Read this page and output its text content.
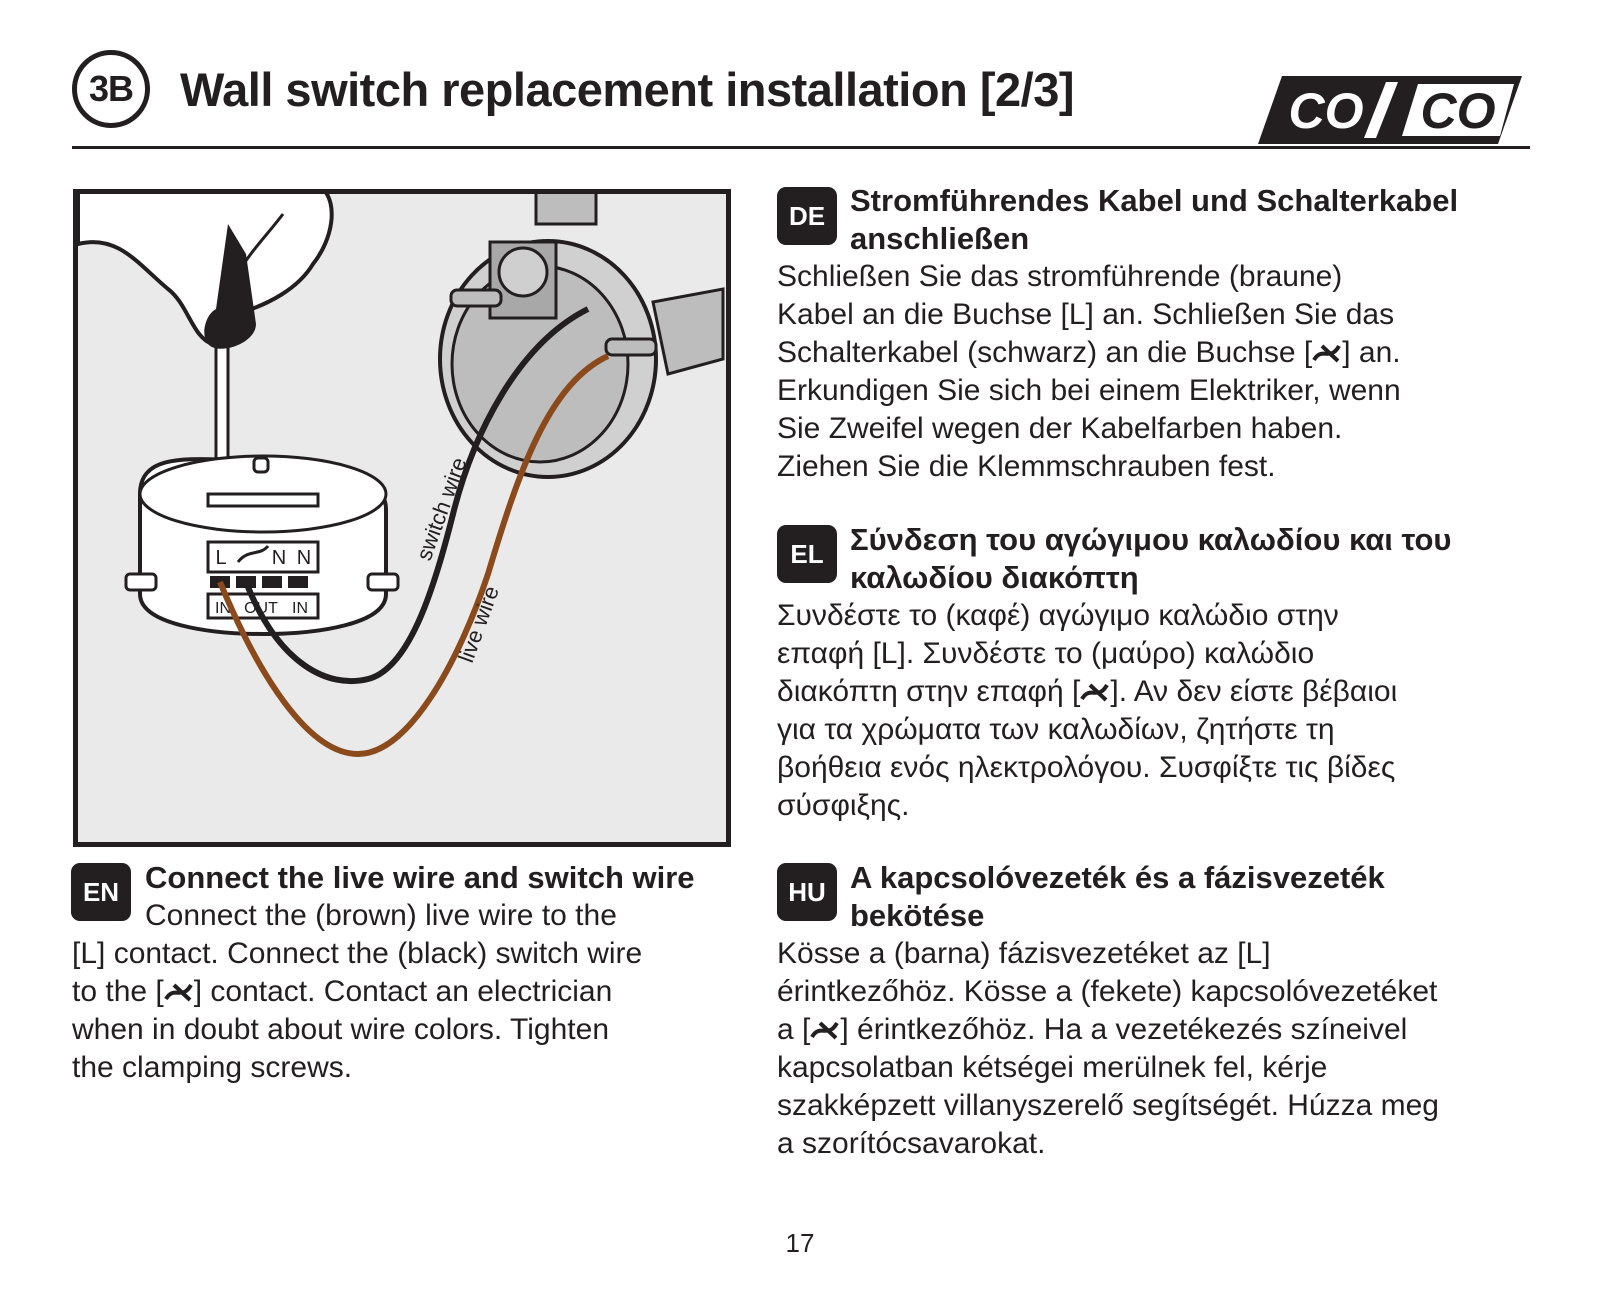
3B Wall switch replacement installation [2/3]	CO CO
L N N
IN OUT IN
switch wire
live wire
EN Connect the live wire and switch wire
Connect the (brown) live wire to the
[L] contact. Connect the (black) switch wire
to the [ ] contact. Contact an electrician
when in doubt about wire colors. Tighten
the clamping screws.
DE Stromführendes Kabel und Schalterkabel
anschließen
Schließen Sie das stromführende (braune)
Kabel an die Buchse [L] an. Schließen Sie das
Schalterkabel (schwarz) an die Buchse [ ] an.
Erkundigen Sie sich bei einem Elektriker, wenn
Sie Zweifel wegen der Kabelfarben haben.
Ziehen Sie die Klemmschrauben fest.
EL Σύνδεση του αγώγιμου καλωδίου και του
καλωδίου διακόπτη
Συνδέστε το (καφέ) αγώγιμο καλώδιο στην
επαφή [L]. Συνδέστε το (μαύρο) καλώδιο
διακόπτη στην επαφή [ ]. Αν δεν είστε βέβαιοι
για τα χρώματα των καλωδίων, ζητήστε τη
βοήθεια ενός ηλεκτρολόγου. Συσφίξτε τις βίδες
σύσφιξης.
HU A kapcsolóvezeték és a fázisvezeték
bekötése
Kösse a (barna) fázisvezetéket az [L]
érintkezőhöz. Kösse a (fekete) kapcsolóvezetéket
a [ ] érintkezőhöz. Ha a vezetékezés színeivel
kapcsolatban kétségei merülnek fel, kérje
szakképzett villanyszerelő segítségét. Húzza meg
a szorítócsavarokat.
17
